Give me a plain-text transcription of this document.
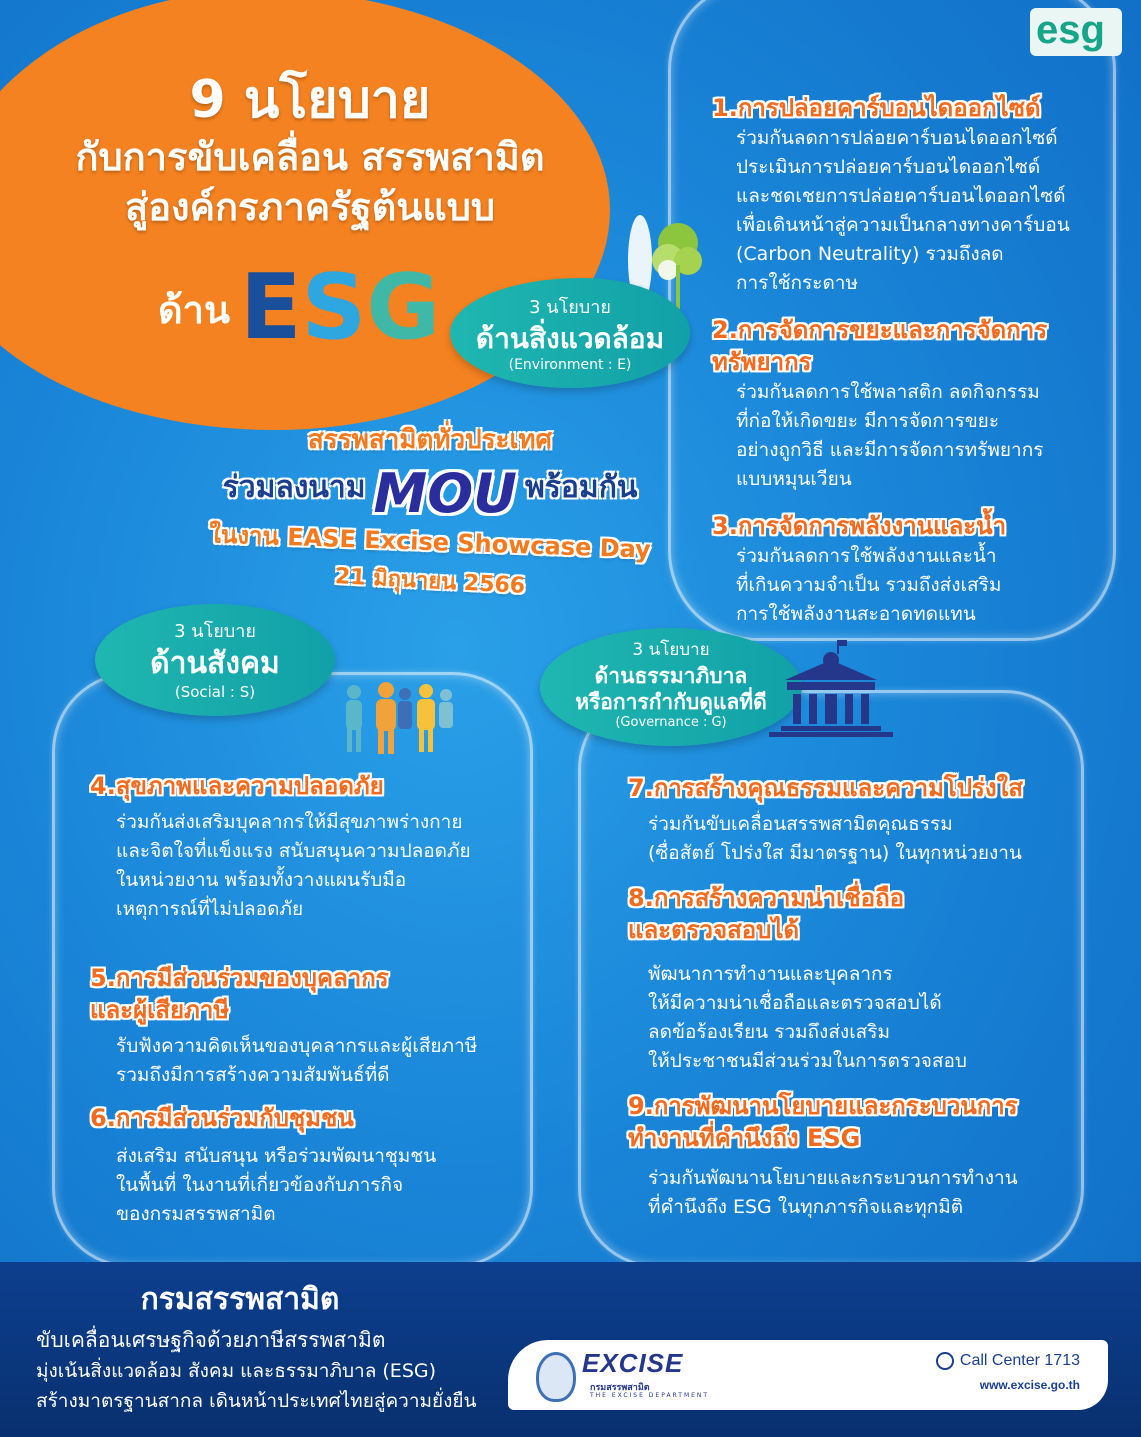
esg
9 นโยบาย
กับการขับเคลื่อน สรรพสามิต
สู่องค์กรภาครัฐต้นแบบ
ด้าน E S G	3 นโยบาย
ด้านสิ่งแวดล้อม
(Environment : E)
1.การปล่อยคาร์บอนไดออกไซด์
ร่วมกันลดการปล่อยคาร์บอนไดออกไซด์
ประเมินการปล่อยคาร์บอนไดออกไซด์
และชดเชยการปล่อยคาร์บอนไดออกไซด์
เพื่อเดินหน้าสู่ความเป็นกลางทางคาร์บอน
(Carbon Neutrality) รวมถึงลด
การใช้กระดาษ
2.การจัดการขยะและการจัดการ
ทรัพยากร
ร่วมกันลดการใช้พลาสติก ลดกิจกรรม
ที่ก่อให้เกิดขยะ มีการจัดการขยะ
อย่างถูกวิธี และมีการจัดการทรัพยากร
แบบหมุนเวียน
3.การจัดการพลังงานและน้ำ
ร่วมกันลดการใช้พลังงานและน้ำ
ที่เกินความจำเป็น รวมถึงส่งเสริม
การใช้พลังงานสะอาดทดแทน
สรรพสามิตทั่วประเทศ
ร่วมลงนาม MOU พร้อมกัน
ในงาน EASE Excise Showcase Day
21 มิถุนายน 2566
3 นโยบาย
ด้านสังคม
(Social : S)
4.สุขภาพและความปลอดภัย
ร่วมกันส่งเสริมบุคลากรให้มีสุขภาพร่างกาย
และจิตใจที่แข็งแรง สนับสนุนความปลอดภัย
ในหน่วยงาน พร้อมทั้งวางแผนรับมือ
เหตุการณ์ที่ไม่ปลอดภัย
5.การมีส่วนร่วมของบุคลากร
และผู้เสียภาษี
รับฟังความคิดเห็นของบุคลากรและผู้เสียภาษี
รวมถึงมีการสร้างความสัมพันธ์ที่ดี
6.การมีส่วนร่วมกับชุมชน
ส่งเสริม สนับสนุน หรือร่วมพัฒนาชุมชน
ในพื้นที่ ในงานที่เกี่ยวข้องกับภารกิจ
ของกรมสรรพสามิต
3 นโยบาย
ด้านธรรมาภิบาล
หรือการกำกับดูแลที่ดี
(Governance : G)
7.การสร้างคุณธรรมและความโปร่งใส
ร่วมกันขับเคลื่อนสรรพสามิตคุณธรรม
(ซื่อสัตย์ โปร่งใส มีมาตรฐาน) ในทุกหน่วยงาน
8.การสร้างความน่าเชื่อถือ
และตรวจสอบได้
พัฒนาการทำงานและบุคลากร
ให้มีความน่าเชื่อถือและตรวจสอบได้
ลดข้อร้องเรียน รวมถึงส่งเสริม
ให้ประชาชนมีส่วนร่วมในการตรวจสอบ
9.การพัฒนานโยบายและกระบวนการ
ทำงานที่คำนึงถึง ESG
ร่วมกันพัฒนานโยบายและกระบวนการทำงาน
ที่คำนึงถึง ESG ในทุกภารกิจและทุกมิติ
กรมสรรพสามิต
ขับเคลื่อนเศรษฐกิจด้วยภาษีสรรพสามิต
มุ่งเน้นสิ่งแวดล้อม สังคม และธรรมาภิบาล (ESG)
สร้างมาตรฐานสากล เดินหน้าประเทศไทยสู่ความยั่งยืน
EXCISE
กรมสรรพสามิต
THE EXCISE DEPARTMENT
Call Center 1713
www.excise.go.th
